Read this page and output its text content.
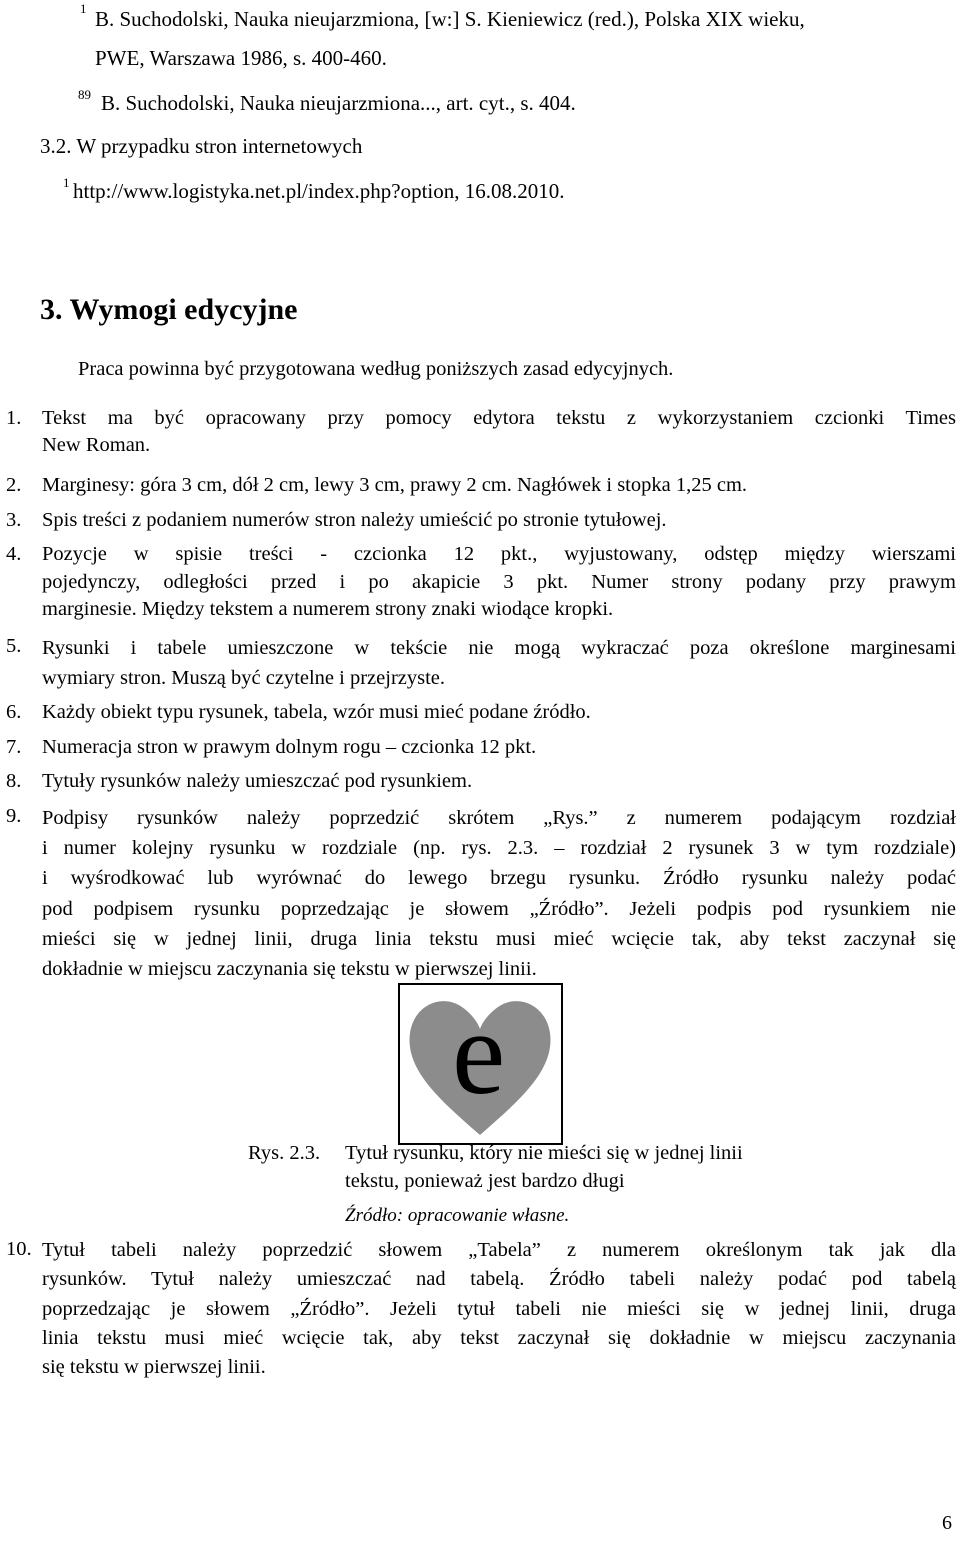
1 B. Suchodolski, Nauka nieujarzmiona, [w:] S. Kieniewicz (red.), Polska XIX wieku,
PWE, Warszawa 1986, s. 400-460.
89 B. Suchodolski, Nauka nieujarzmiona..., art. cyt., s. 404.
3.2. W przypadku stron internetowych
1 http://www.logistyka.net.pl/index.php?option, 16.08.2010.
3. Wymogi edycyjne
Praca powinna być przygotowana według poniższych zasad edycyjnych.
1. Tekst ma być opracowany przy pomocy edytora tekstu z wykorzystaniem czcionki Times
New Roman.
2. Marginesy: góra 3 cm, dół 2 cm, lewy 3 cm, prawy 2 cm. Nagłówek i stopka 1,25 cm.
3. Spis treści z podaniem numerów stron należy umieścić po stronie tytułowej.
4. Pozycje w spisie treści - czcionka 12 pkt., wyjustowany, odstęp między wierszami
pojedynczy, odległości przed i po akapicie 3 pkt. Numer strony podany przy prawym
marginesie. Między tekstem a numerem strony znaki wiodące kropki.
5. Rysunki i tabele umieszczone w tekście nie mogą wykraczać poza określone marginesami
wymiary stron. Muszą być czytelne i przejrzyste.
6. Każdy obiekt typu rysunek, tabela, wzór musi mieć podane źródło.
7. Numeracja stron w prawym dolnym rogu – czcionka 12 pkt.
8. Tytuły rysunków należy umieszczać pod rysunkiem.
9. Podpisy rysunków należy poprzedzić skrótem „Rys.” z numerem podającym rozdział
i numer kolejny rysunku w rozdziale (np. rys. 2.3. – rozdział 2 rysunek 3 w tym rozdziale)
i wyśrodkować lub wyrównać do lewego brzegu rysunku. Źródło rysunku należy podać
pod podpisem rysunku poprzedzając je słowem „Źródło”. Jeżeli podpis pod rysunkiem nie
mieści się w jednej linii, druga linia tekstu musi mieć wcięcie tak, aby tekst zaczynał się
dokładnie w miejscu zaczynania się tekstu w pierwszej linii.
e
Rys. 2.3. Tytuł rysunku, który nie mieści się w jednej linii
tekstu, ponieważ jest bardzo długi
Źródło: opracowanie własne.
10. Tytuł tabeli należy poprzedzić słowem „Tabela” z numerem określonym tak jak dla
rysunków. Tytuł należy umieszczać nad tabelą. Źródło tabeli należy podać pod tabelą
poprzedzając je słowem „Źródło”. Jeżeli tytuł tabeli nie mieści się w jednej linii, druga
linia tekstu musi mieć wcięcie tak, aby tekst zaczynał się dokładnie w miejscu zaczynania
się tekstu w pierwszej linii.
6
